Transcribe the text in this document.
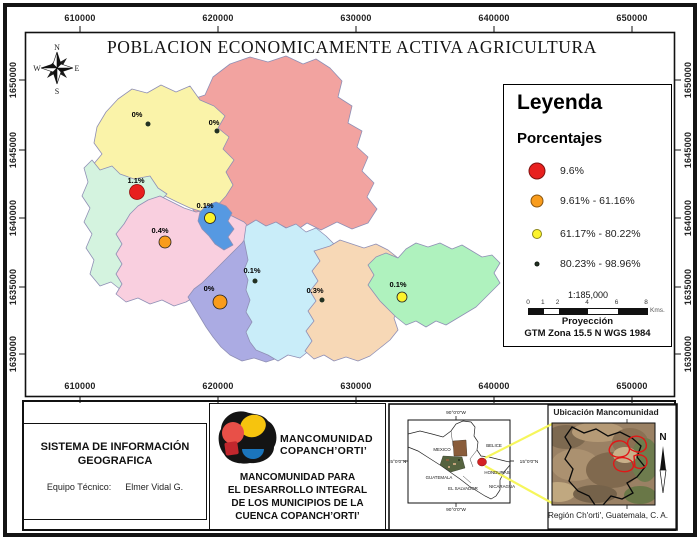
0%
0%
1.1%
0.4%
0.1%
0%
0.1%
0.3%
0.1%
N
E
S
W
POBLACION ECONOMICAMENTE ACTIVA AGRICULTURA
610000	620000	630000	640000	650000
610000	620000	630000	640000	650000
1650000
1645000
1640000
1635000
1630000
1650000
1645000
1640000
1635000
1630000
Leyenda
Porcentajes
9.6%
9.61% - 61.16%
61.17% - 80.22%
80.23% - 98.96%
1:185,000
0 1 2	4	6	8
Kms.
Proyección
GTM Zona 15.5 N WGS 1984
SISTEMA DE INFORMACIÓN
GEOGRAFICA
Equipo Técnico: Elmer Vidal G.
MANCOMUNIDAD
COPANCH’ORTI’
MANCOMUNIDAD PARA
EL DESARROLLO INTEGRAL
DE LOS MUNICIPIOS DE LA
CUENCA COPANCH’ORTI’
MEXICO
BELICE
GUATEMALA
HONDURAS
EL SALVADOR	NICARAGUA
90°0'0"W
90°0'0"W
15°0'0"N	15°0'0"N
Ubicación Mancomunidad
N
Región Ch'orti', Guatemala, C. A.
